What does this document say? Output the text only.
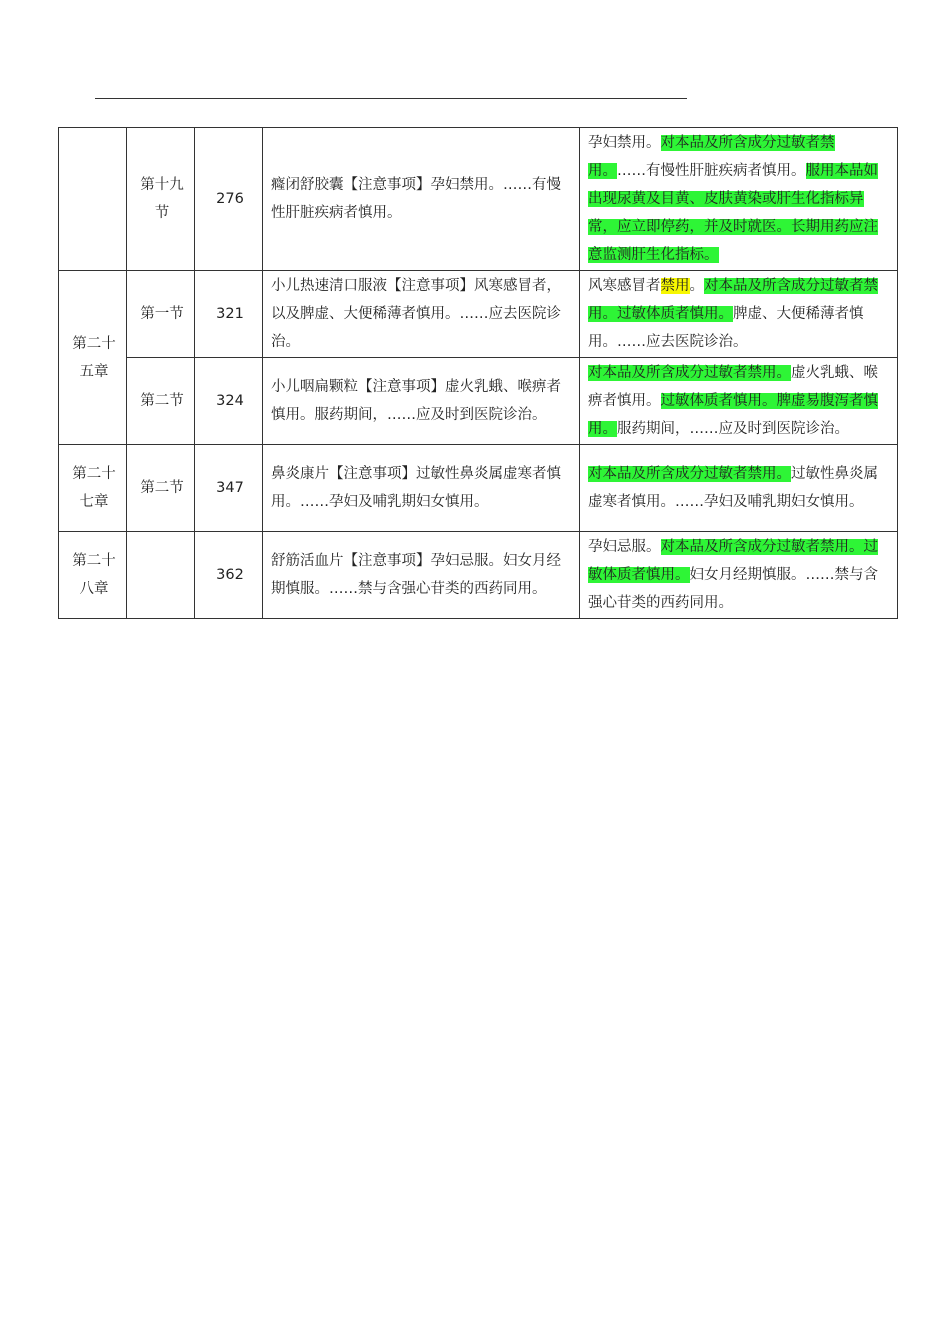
	第十九节	276	癃闭舒胶囊【注意事项】孕妇禁用。……有慢性肝脏疾病者慎用。	孕妇禁用。对本品及所含成分过敏者禁用。……有慢性肝脏疾病者慎用。服用本品如出现尿黄及目黄、皮肤黄染或肝生化指标异常，应立即停药，并及时就医。长期用药应注意监测肝生化指标。
第二十五章	第一节	321	小儿热速清口服液【注意事项】风寒感冒者，以及脾虚、大便稀薄者慎用。……应去医院诊治。	风寒感冒者禁用。对本品及所含成分过敏者禁用。过敏体质者慎用。脾虚、大便稀薄者慎用。……应去医院诊治。
	第二节	324	小儿咽扁颗粒【注意事项】虚火乳蛾、喉痹者慎用。服药期间，……应及时到医院诊治。	对本品及所含成分过敏者禁用。虚火乳蛾、喉痹者慎用。过敏体质者慎用。脾虚易腹泻者慎用。服药期间，……应及时到医院诊治。
第二十七章	第二节	347	鼻炎康片【注意事项】过敏性鼻炎属虚寒者慎用。……孕妇及哺乳期妇女慎用。	对本品及所含成分过敏者禁用。过敏性鼻炎属虚寒者慎用。……孕妇及哺乳期妇女慎用。
第二十八章		362	舒筋活血片【注意事项】孕妇忌服。妇女月经期慎服。……禁与含强心苷类的西药同用。	孕妇忌服。对本品及所含成分过敏者禁用。过敏体质者慎用。妇女月经期慎服。……禁与含强心苷类的西药同用。
